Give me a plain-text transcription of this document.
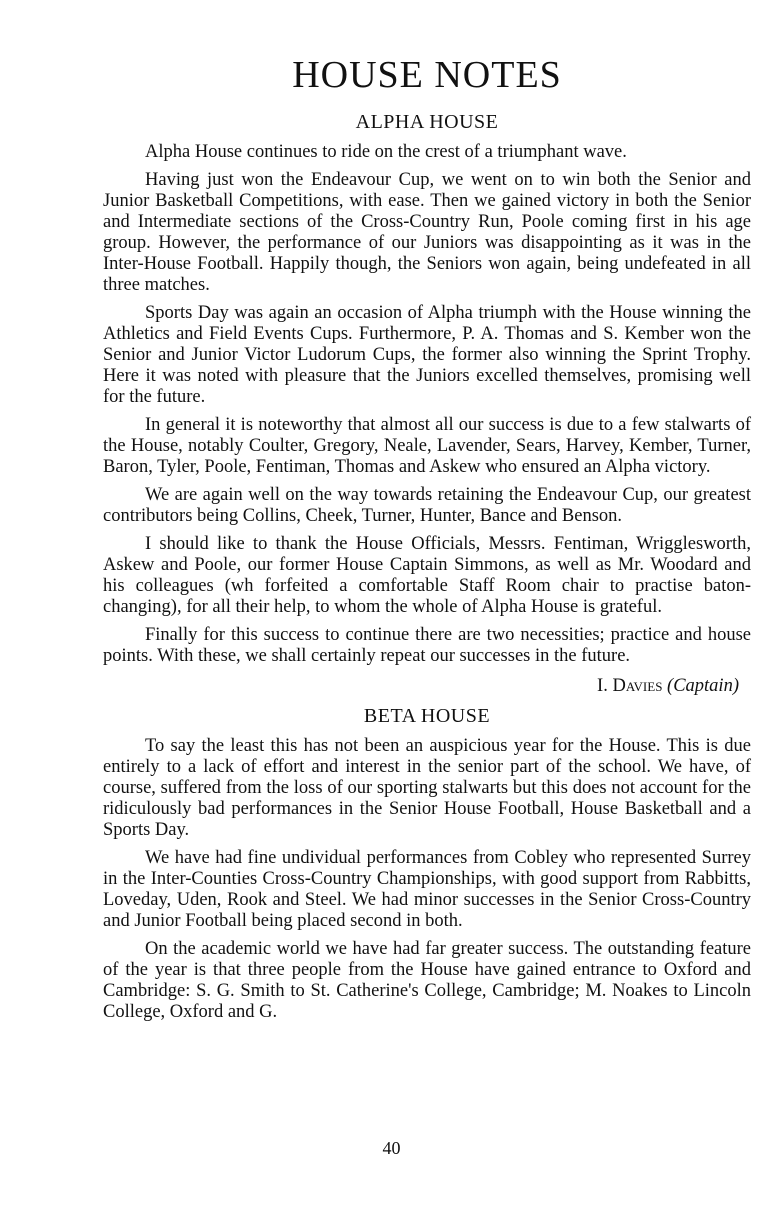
HOUSE NOTES
ALPHA HOUSE

Alpha House continues to ride on the crest of a triumphant wave.

Having just won the Endeavour Cup, we went on to win both the Senior and Junior Basketball Competitions, with ease. Then we gained victory in both the Senior and Intermediate sections of the Cross-Country Run, Poole coming first in his age group. However, the performance of our Juniors was disappointing as it was in the Inter-House Football. Happily though, the Seniors won again, being undefeated in all three matches.

Sports Day was again an occasion of Alpha triumph with the House winning the Athletics and Field Events Cups. Furthermore, P. A. Thomas and S. Kember won the Senior and Junior Victor Ludorum Cups, the former also winning the Sprint Trophy. Here it was noted with pleasure that the Juniors excelled themselves, promising well for the future.

In general it is noteworthy that almost all our success is due to a few stalwarts of the House, notably Coulter, Gregory, Neale, Lavender, Sears, Harvey, Kember, Turner, Baron, Tyler, Poole, Fentiman, Thomas and Askew who ensured an Alpha victory.

We are again well on the way towards retaining the Endeavour Cup, our greatest contributors being Collins, Cheek, Turner, Hunter, Bance and Benson.

I should like to thank the House Officials, Messrs. Fentiman, Wrigglesworth, Askew and Poole, our former House Captain Simmons, as well as Mr. Woodard and his colleagues (wh forfeited a comfortable Staff Room chair to practise baton-changing), for all their help, to whom the whole of Alpha House is grateful.

Finally for this success to continue there are two necessities; practice and house points. With these, we shall certainly repeat our successes in the future.

I. Davies (Captain)
BETA HOUSE

To say the least this has not been an auspicious year for the House. This is due entirely to a lack of effort and interest in the senior part of the school. We have, of course, suffered from the loss of our sporting stalwarts but this does not account for the ridiculously bad performances in the Senior House Football, House Basketball and a Sports Day.

We have had fine undividual performances from Cobley who represented Surrey in the Inter-Counties Cross-Country Championships, with good support from Rabbitts, Loveday, Uden, Rook and Steel. We had minor successes in the Senior Cross-Country and Junior Football being placed second in both.

On the academic world we have had far greater success. The outstanding feature of the year is that three people from the House have gained entrance to Oxford and Cambridge: S. G. Smith to St. Catherine's College, Cambridge; M. Noakes to Lincoln College, Oxford and G.

40
